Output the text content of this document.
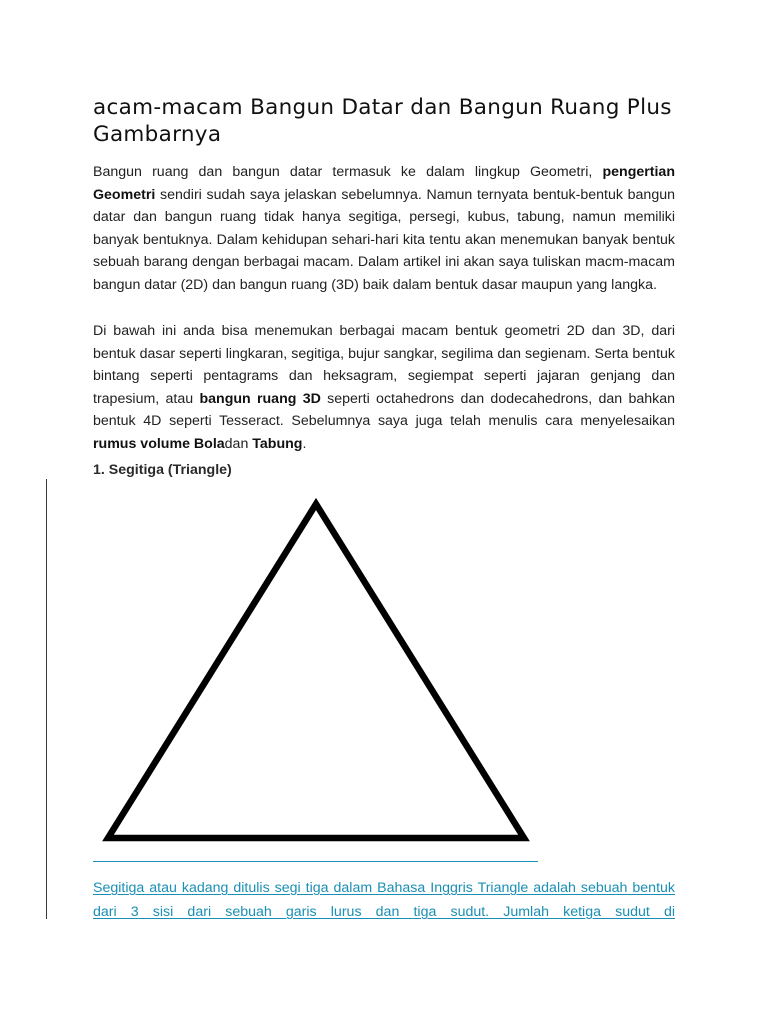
acam-macam Bangun Datar dan Bangun Ruang Plus Gambarnya

Bangun ruang dan bangun datar termasuk ke dalam lingkup Geometri, pengertian Geometri sendiri sudah saya jelaskan sebelumnya. Namun ternyata bentuk-bentuk bangun datar dan bangun ruang tidak hanya segitiga, persegi, kubus, tabung, namun memiliki banyak bentuknya. Dalam kehidupan sehari-hari kita tentu akan menemukan banyak bentuk sebuah barang dengan berbagai macam. Dalam artikel ini akan saya tuliskan macm-macam bangun datar (2D) dan bangun ruang (3D) baik dalam bentuk dasar maupun yang langka.

Di bawah ini anda bisa menemukan berbagai macam bentuk geometri 2D dan 3D, dari bentuk dasar seperti lingkaran, segitiga, bujur sangkar, segilima dan segienam. Serta bentuk bintang seperti pentagrams dan heksagram, segiempat seperti jajaran genjang dan trapesium, atau bangun ruang 3D seperti octahedrons dan dodecahedrons, dan bahkan bentuk 4D seperti Tesseract. Sebelumnya saya juga telah menulis cara menyelesaikan rumus volume Boladan Tabung.

1. Segitiga (Triangle)

Segitiga atau kadang ditulis segi tiga dalam Bahasa Inggris Triangle adalah sebuah bentuk dari 3 sisi dari sebuah garis lurus dan tiga sudut. Jumlah ketiga sudut di
